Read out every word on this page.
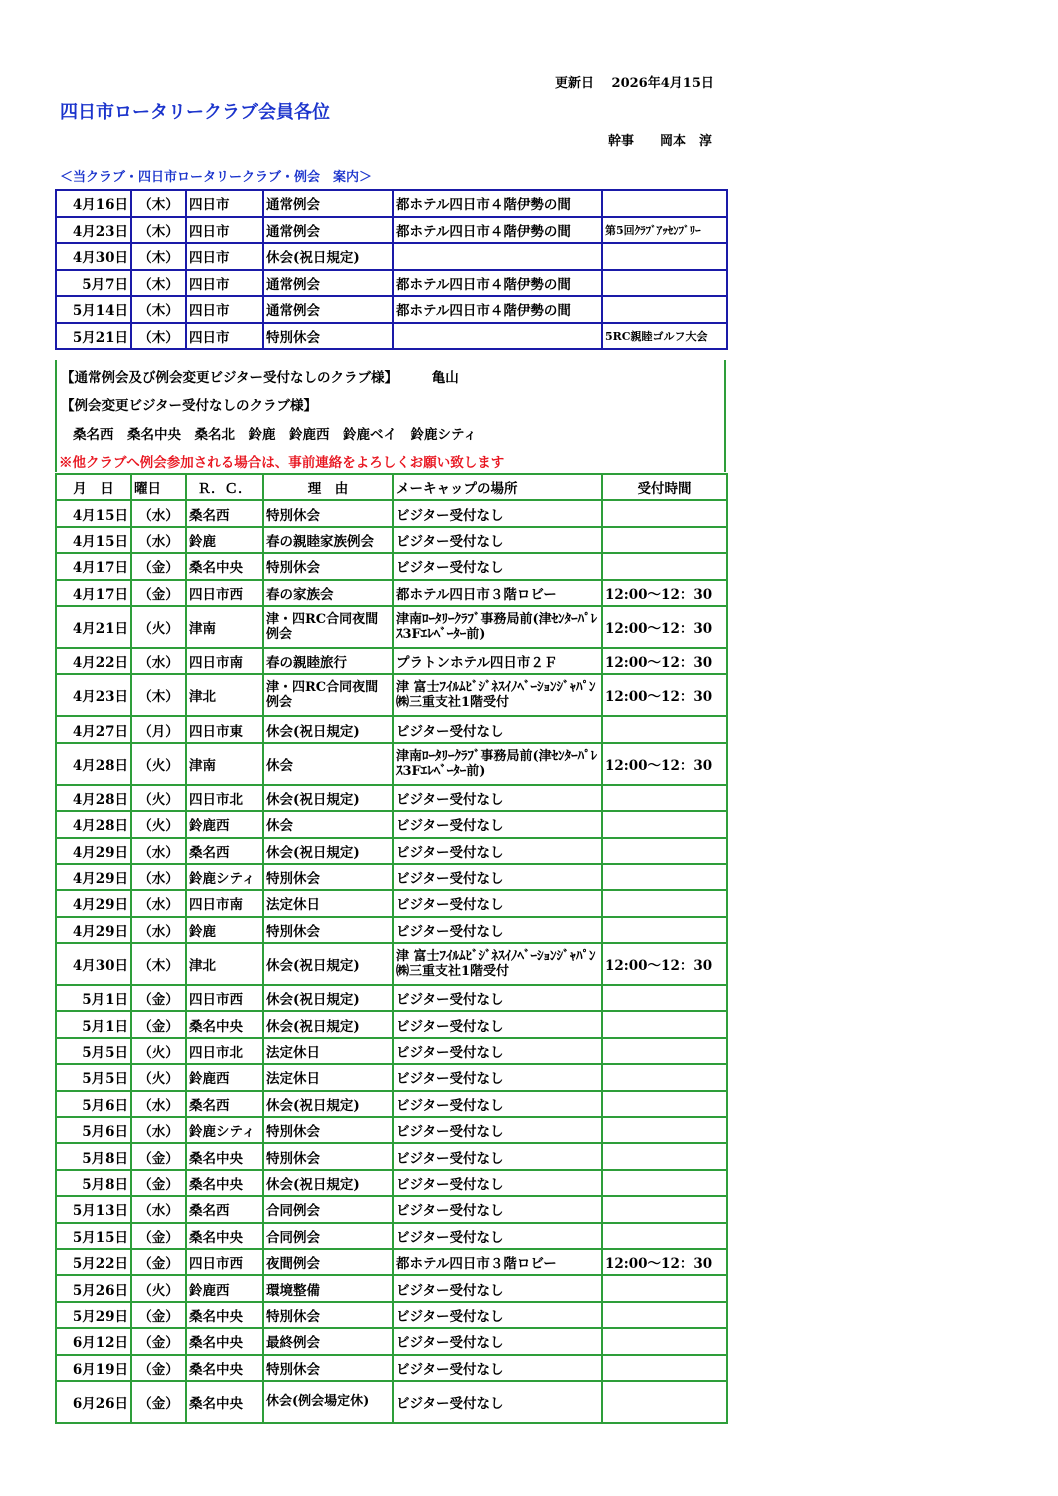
更新日　 2026年4月15日
四日市ロータリークラブ会員各位
幹事　　 岡本　淳
＜当クラブ・四日市ロータリークラブ・例会　案内＞
4月16日	（木）	四日市	通常例会	都ホテル四日市４階伊勢の間	
4月23日	（木）	四日市	通常例会	都ホテル四日市４階伊勢の間	第5回ｸﾗﾌﾞｱｯｾﾝﾌﾞﾘｰ
4月30日	（木）	四日市	休会(祝日規定)		
5月7日	（木）	四日市	通常例会	都ホテル四日市４階伊勢の間	
5月14日	（木）	四日市	通常例会	都ホテル四日市４階伊勢の間	
5月21日	（木）	四日市	特別休会		5RC親睦ゴルフ大会
【通常例会及び例会変更ビジター受付なしのクラブ様】　　　	亀山
【例会変更ビジター受付なしのクラブ様】
桑名西　桑名中央　桑名北　鈴鹿　鈴鹿西　鈴鹿ベイ　鈴鹿シティ
※他クラブへ例会参加される場合は、事前連絡をよろしくお願い致します
月　日	曜日	Ｒ．Ｃ．	理　由	メーキャップの場所	受付時間
4月15日	（水）	桑名西	特別休会	ビジター受付なし	
4月15日	（水）	鈴鹿	春の親睦家族例会	ビジター受付なし	
4月17日	（金）	桑名中央	特別休会	ビジター受付なし	
4月17日	（金）	四日市西	春の家族会	都ホテル四日市３階ロビー	12:00～12：30
4月21日	（火）	津南	津・四RC合同夜間例会	津南ﾛｰﾀﾘｰｸﾗﾌﾞ事務局前(津ｾﾝﾀｰﾊﾟﾚｽ3Fｴﾚﾍﾞｰﾀｰ前)	12:00～12：30
4月22日	（水）	四日市南	春の親睦旅行	プラトンホテル四日市２Ｆ	12:00～12：30
4月23日	（木）	津北	津・四RC合同夜間例会	津 富士ﾌｲﾙﾑﾋﾞｼﾞﾈｽｲﾉﾍﾞｰｼｮﾝｼﾞｬﾊﾟﾝ㈱三重支社1階受付	12:00～12：30
4月27日	（月）	四日市東	休会(祝日規定)	ビジター受付なし	
4月28日	（火）	津南	休会	津南ﾛｰﾀﾘｰｸﾗﾌﾞ事務局前(津ｾﾝﾀｰﾊﾟﾚｽ3Fｴﾚﾍﾞｰﾀｰ前)	12:00～12：30
4月28日	（火）	四日市北	休会(祝日規定)	ビジター受付なし	
4月28日	（火）	鈴鹿西	休会	ビジター受付なし	
4月29日	（水）	桑名西	休会(祝日規定)	ビジター受付なし	
4月29日	（水）	鈴鹿シティ	特別休会	ビジター受付なし	
4月29日	（水）	四日市南	法定休日	ビジター受付なし	
4月29日	（水）	鈴鹿	特別休会	ビジター受付なし	
4月30日	（木）	津北	休会(祝日規定)	津 富士ﾌｲﾙﾑﾋﾞｼﾞﾈｽｲﾉﾍﾞｰｼｮﾝｼﾞｬﾊﾟﾝ㈱三重支社1階受付	12:00～12：30
5月1日	（金）	四日市西	休会(祝日規定)	ビジター受付なし	
5月1日	（金）	桑名中央	休会(祝日規定)	ビジター受付なし	
5月5日	（火）	四日市北	法定休日	ビジター受付なし	
5月5日	（火）	鈴鹿西	法定休日	ビジター受付なし	
5月6日	（水）	桑名西	休会(祝日規定)	ビジター受付なし	
5月6日	（水）	鈴鹿シティ	特別休会	ビジター受付なし	
5月8日	（金）	桑名中央	特別休会	ビジター受付なし	
5月8日	（金）	桑名中央	休会(祝日規定)	ビジター受付なし	
5月13日	（水）	桑名西	合同例会	ビジター受付なし	
5月15日	（金）	桑名中央	合同例会	ビジター受付なし	
5月22日	（金）	四日市西	夜間例会	都ホテル四日市３階ロビー	12:00～12：30
5月26日	（火）	鈴鹿西	環境整備	ビジター受付なし	
5月29日	（金）	桑名中央	特別休会	ビジター受付なし	
6月12日	（金）	桑名中央	最終例会	ビジター受付なし	
6月19日	（金）	桑名中央	特別休会	ビジター受付なし	
6月26日	（金）	桑名中央	休会(例会場定休)	ビジター受付なし	
